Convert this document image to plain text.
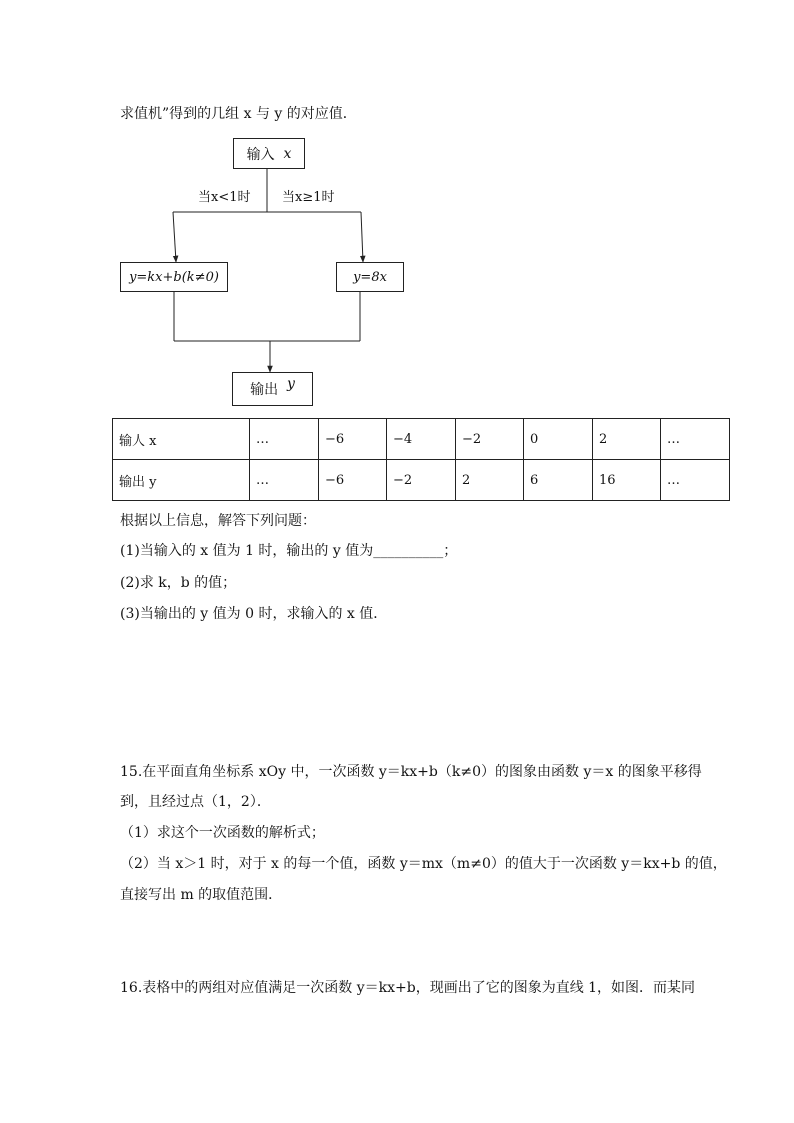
求值机”得到的几组 x 与 y 的对应值．
输入
x
当x<1时 当x≥1时
y=kx+b(k≠0)	y=8x
输出
y
输人 x	…	−6	−4	−2	0	2	…
输出 y	…	−6	−2	2	6	16	…
根据以上信息，解答下列问题：
(1)当输入的 x 值为 1 时，输出的 y 值为__________；
(2)求 k，b 的值；
(3)当输出的 y 值为 0 时，求输入的 x 值．
15.在平面直角坐标系 xOy 中，一次函数 y＝kx+b（k≠0）的图象由函数 y＝x 的图象平移得
到，且经过点（1，2）．
（1）求这个一次函数的解析式；
（2）当 x＞1 时，对于 x 的每一个值，函数 y＝mx（m≠0）的值大于一次函数 y＝kx+b 的值，
直接写出 m 的取值范围．
16.表格中的两组对应值满足一次函数 y＝kx+b，现画出了它的图象为直线 1，如图．而某同
